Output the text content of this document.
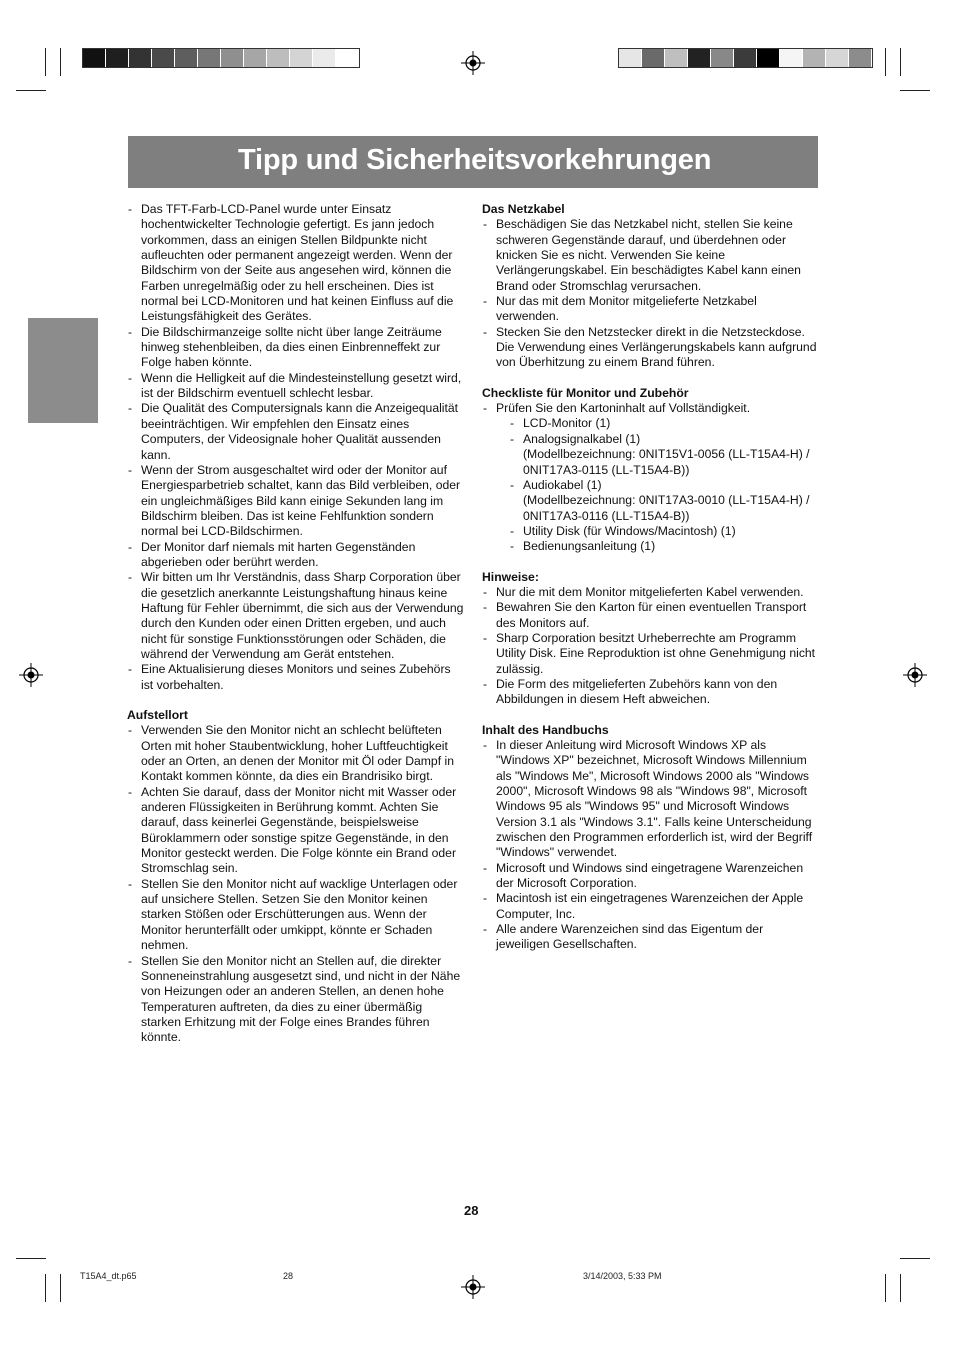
Tipp und Sicherheitsvorkehrungen
- Das TFT-Farb-LCD-Panel wurde unter Einsatz hochentwickelter Technologie gefertigt. Es jann jedoch vorkommen, dass an einigen Stellen Bildpunkte nicht aufleuchten oder permanent angezeigt werden. Wenn der Bildschirm von der Seite aus angesehen wird, können die Farben unregelmäßig oder zu hell erscheinen. Dies ist normal bei LCD-Monitoren und hat keinen Einfluss auf die Leistungsfähigkeit des Gerätes.
- Die Bildschirmanzeige sollte nicht über lange Zeiträume hinweg stehenbleiben, da dies einen Einbrenneffekt zur Folge haben könnte.
- Wenn die Helligkeit auf die Mindesteinstellung gesetzt wird, ist der Bildschirm eventuell schlecht lesbar.
- Die Qualität des Computersignals kann die Anzeigequalität beeinträchtigen. Wir empfehlen den Einsatz eines Computers, der Videosignale hoher Qualität aussenden kann.
- Wenn der Strom ausgeschaltet wird oder der Monitor auf Energiesparbetrieb schaltet, kann das Bild verbleiben, oder ein ungleichmäßiges Bild kann einige Sekunden lang im Bildschirm bleiben. Das ist keine Fehlfunktion sondern normal bei LCD-Bildschirmen.
- Der Monitor darf niemals mit harten Gegenständen abgerieben oder berührt werden.
- Wir bitten um Ihr Verständnis, dass Sharp Corporation über die gesetzlich anerkannte Leistungshaftung hinaus keine Haftung für Fehler übernimmt, die sich aus der Verwendung durch den Kunden oder einen Dritten ergeben, und auch nicht für sonstige Funktionsstörungen oder Schäden, die während der Verwendung am Gerät entstehen.
- Eine Aktualisierung dieses Monitors und seines Zubehörs ist vorbehalten.
Aufstellort
- Verwenden Sie den Monitor nicht an schlecht belüfteten Orten mit hoher Staubentwicklung, hoher Luftfeuchtigkeit oder an Orten, an denen der Monitor mit Öl oder Dampf in Kontakt kommen könnte, da dies ein Brandrisiko birgt.
- Achten Sie darauf, dass der Monitor nicht mit Wasser oder anderen Flüssigkeiten in Berührung kommt. Achten Sie darauf, dass keinerlei Gegenstände, beispielsweise Büroklammern oder sonstige spitze Gegenstände, in den Monitor gesteckt werden. Die Folge könnte ein Brand oder Stromschlag sein.
- Stellen Sie den Monitor nicht auf wacklige Unterlagen oder auf unsichere Stellen. Setzen Sie den Monitor keinen starken Stößen oder Erschütterungen aus. Wenn der Monitor herunterfällt oder umkippt, könnte er Schaden nehmen.
- Stellen Sie den Monitor nicht an Stellen auf, die direkter Sonneneinstrahlung ausgesetzt sind, und nicht in der Nähe von Heizungen oder an anderen Stellen, an denen hohe Temperaturen auftreten, da dies zu einer übermäßig starken Erhitzung mit der Folge eines Brandes führen könnte.
Das Netzkabel
- Beschädigen Sie das Netzkabel nicht, stellen Sie keine schweren Gegenstände darauf, und überdehnen oder knicken Sie es nicht. Verwenden Sie keine Verlängerungskabel. Ein beschädigtes Kabel kann einen Brand oder Stromschlag verursachen.
- Nur das mit dem Monitor mitgelieferte Netzkabel verwenden.
- Stecken Sie den Netzstecker direkt in die Netzsteckdose. Die Verwendung eines Verlängerungskabels kann aufgrund von Überhitzung zu einem Brand führen.
Checkliste für Monitor und Zubehör
- Prüfen Sie den Kartoninhalt auf Vollständigkeit.
- LCD-Monitor (1)
- Analogsignalkabel (1)
(Modellbezeichnung: 0NIT15V1-0056 (LL-T15A4-H) /
0NIT17A3-0115 (LL-T15A4-B))
- Audiokabel (1)
(Modellbezeichnung: 0NIT17A3-0010 (LL-T15A4-H) /
0NIT17A3-0116 (LL-T15A4-B))
- Utility Disk (für Windows/Macintosh) (1)
- Bedienungsanleitung (1)
Hinweise:
- Nur die mit dem Monitor mitgelieferten Kabel verwenden.
- Bewahren Sie den Karton für einen eventuellen Transport des Monitors auf.
- Sharp Corporation besitzt Urheberrechte am Programm Utility Disk. Eine Reproduktion ist ohne Genehmigung nicht zulässig.
- Die Form des mitgelieferten Zubehörs kann von den Abbildungen in diesem Heft abweichen.
Inhalt des Handbuchs
- In dieser Anleitung wird Microsoft Windows XP als "Windows XP" bezeichnet, Microsoft Windows Millennium als "Windows Me", Microsoft Windows 2000 als "Windows 2000", Microsoft Windows 98 als "Windows 98", Microsoft Windows 95 als "Windows 95" und Microsoft Windows Version 3.1 als "Windows 3.1". Falls keine Unterscheidung zwischen den Programmen erforderlich ist, wird der Begriff "Windows" verwendet.
- Microsoft und Windows sind eingetragene Warenzeichen der Microsoft Corporation.
- Macintosh ist ein eingetragenes Warenzeichen der Apple Computer, Inc.
- Alle andere Warenzeichen sind das Eigentum der jeweiligen Gesellschaften.
28
T15A4_dt.p65	28	3/14/2003, 5:33 PM
